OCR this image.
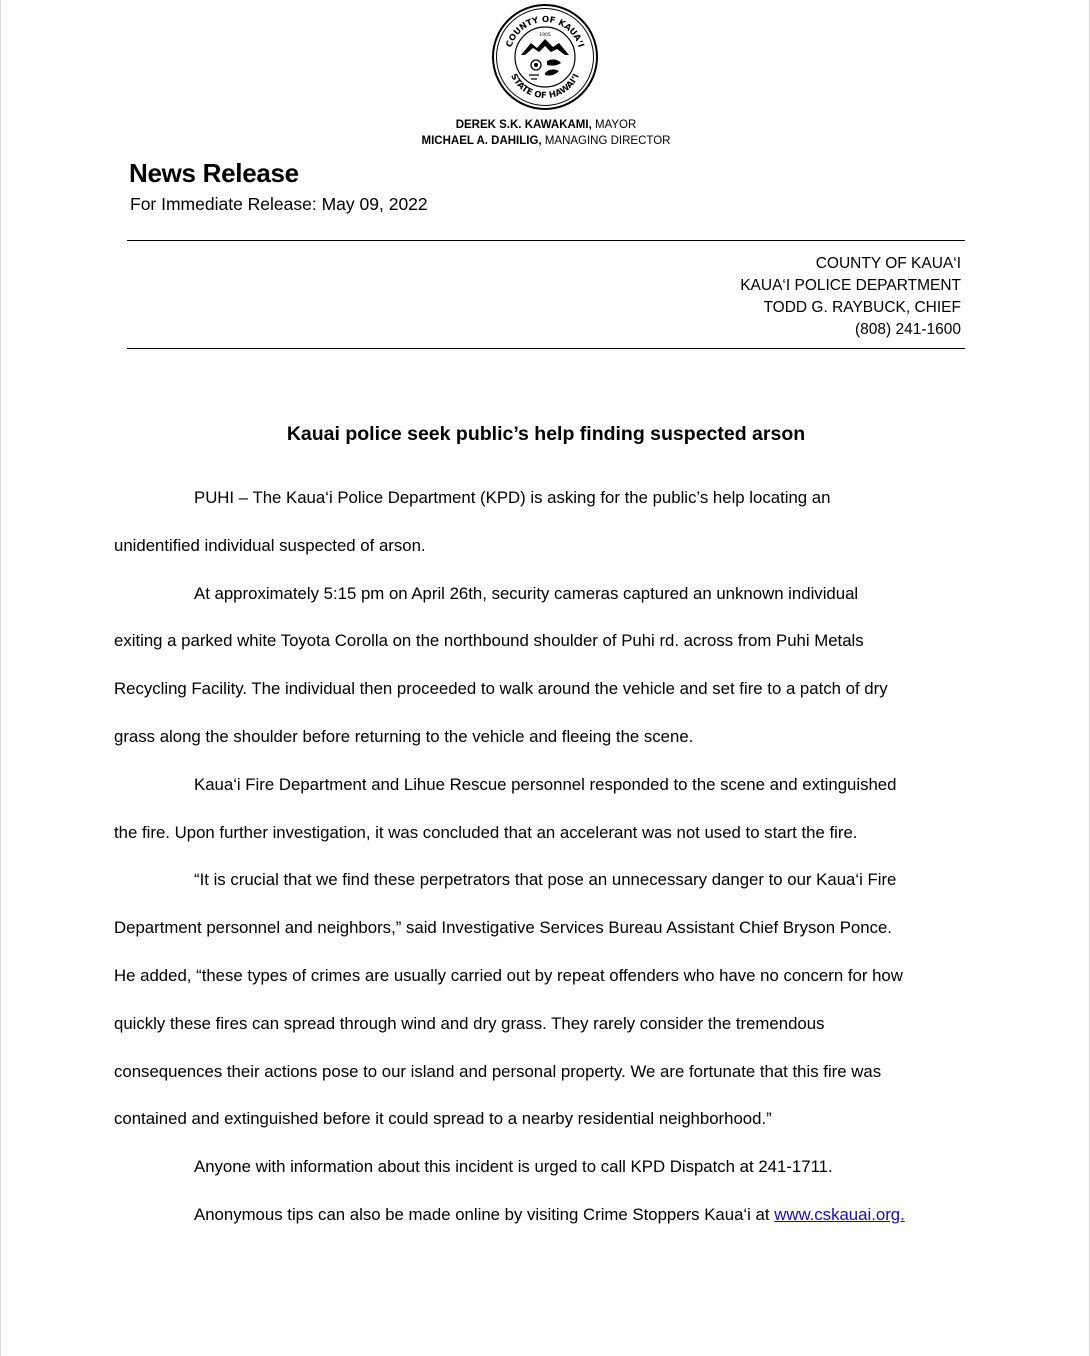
COUNTY OF KAUA‘I
STATE OF HAWAI‘I
1905
DEREK S.K. KAWAKAMI, MAYOR
MICHAEL A. DAHILIG, MANAGING DIRECTOR
News Release
For Immediate Release: May 09, 2022
COUNTY OF KAUA‘I
KAUA‘I POLICE DEPARTMENT
TODD G. RAYBUCK, CHIEF
(808) 241-1600
Kauai police seek public’s help finding suspected arson

PUHI – The Kaua‘i Police Department (KPD) is asking for the public’s help locating an

unidentified individual suspected of arson.

At approximately 5:15 pm on April 26th, security cameras captured an unknown individual

exiting a parked white Toyota Corolla on the northbound shoulder of Puhi rd. across from Puhi Metals

Recycling Facility. The individual then proceeded to walk around the vehicle and set fire to a patch of dry

grass along the shoulder before returning to the vehicle and fleeing the scene.

Kaua‘i Fire Department and Lihue Rescue personnel responded to the scene and extinguished

the fire. Upon further investigation, it was concluded that an accelerant was not used to start the fire.

“It is crucial that we find these perpetrators that pose an unnecessary danger to our Kaua‘i Fire

Department personnel and neighbors,” said Investigative Services Bureau Assistant Chief Bryson Ponce.

He added, “these types of crimes are usually carried out by repeat offenders who have no concern for how

quickly these fires can spread through wind and dry grass. They rarely consider the tremendous

consequences their actions pose to our island and personal property. We are fortunate that this fire was

contained and extinguished before it could spread to a nearby residential neighborhood.”

Anyone with information about this incident is urged to call KPD Dispatch at 241-1711.

Anonymous tips can also be made online by visiting Crime Stoppers Kaua‘i at www.cskauai.org.
